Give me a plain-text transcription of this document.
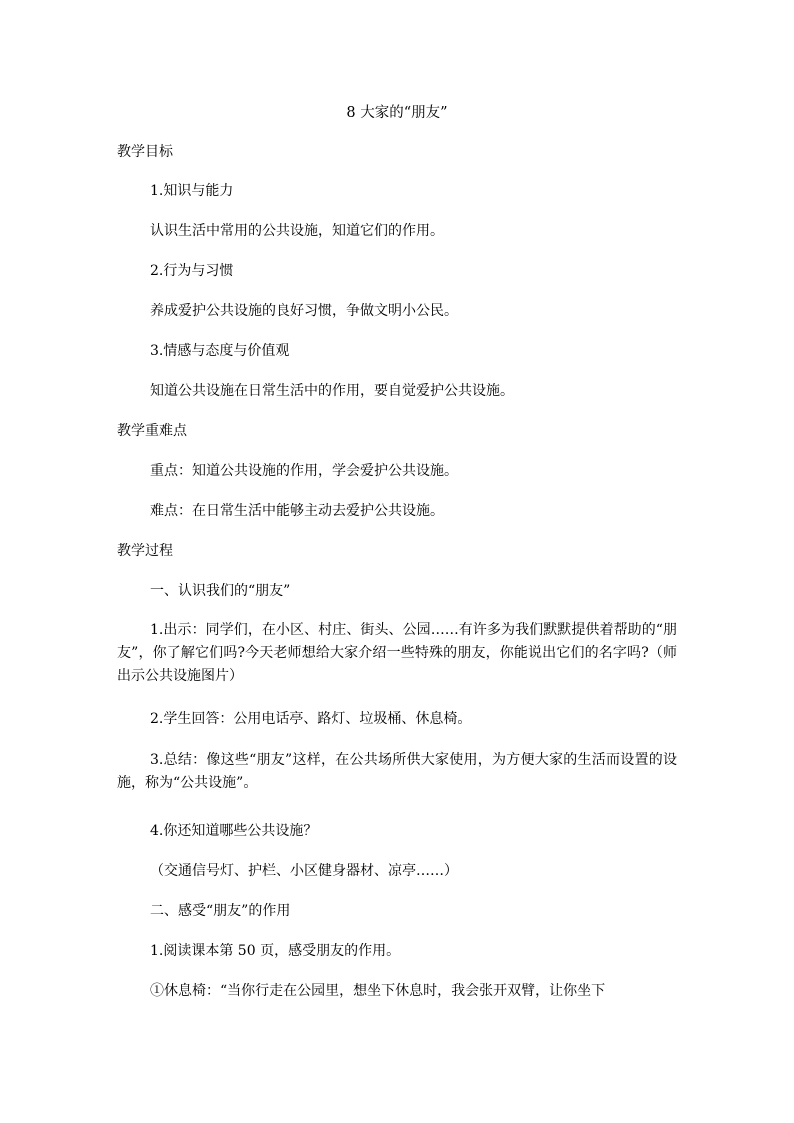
8 大家的“朋友”
教学目标
1.知识与能力
认识生活中常用的公共设施，知道它们的作用。
2.行为与习惯
养成爱护公共设施的良好习惯，争做文明小公民。
3.情感与态度与价值观
知道公共设施在日常生活中的作用，要自觉爱护公共设施。
教学重难点
重点：知道公共设施的作用，学会爱护公共设施。
难点：在日常生活中能够主动去爱护公共设施。
教学过程
一、认识我们的“朋友”
1.出示：同学们，在小区、村庄、街头、公园……有许多为我们默默提供着帮助的“朋友”，你了解它们吗?今天老师想给大家介绍一些特殊的朋友，你能说出它们的名字吗?（师出示公共设施图片）
2.学生回答：公用电话亭、路灯、垃圾桶、休息椅。
3.总结：像这些“朋友”这样，在公共场所供大家使用，为方便大家的生活而设置的设施，称为“公共设施”。
4.你还知道哪些公共设施？
（交通信号灯、护栏、小区健身器材、凉亭……）
二、感受“朋友”的作用
1.阅读课本第 50 页，感受朋友的作用。
①休息椅：“当你行走在公园里，想坐下休息时，我会张开双臂，让你坐下
